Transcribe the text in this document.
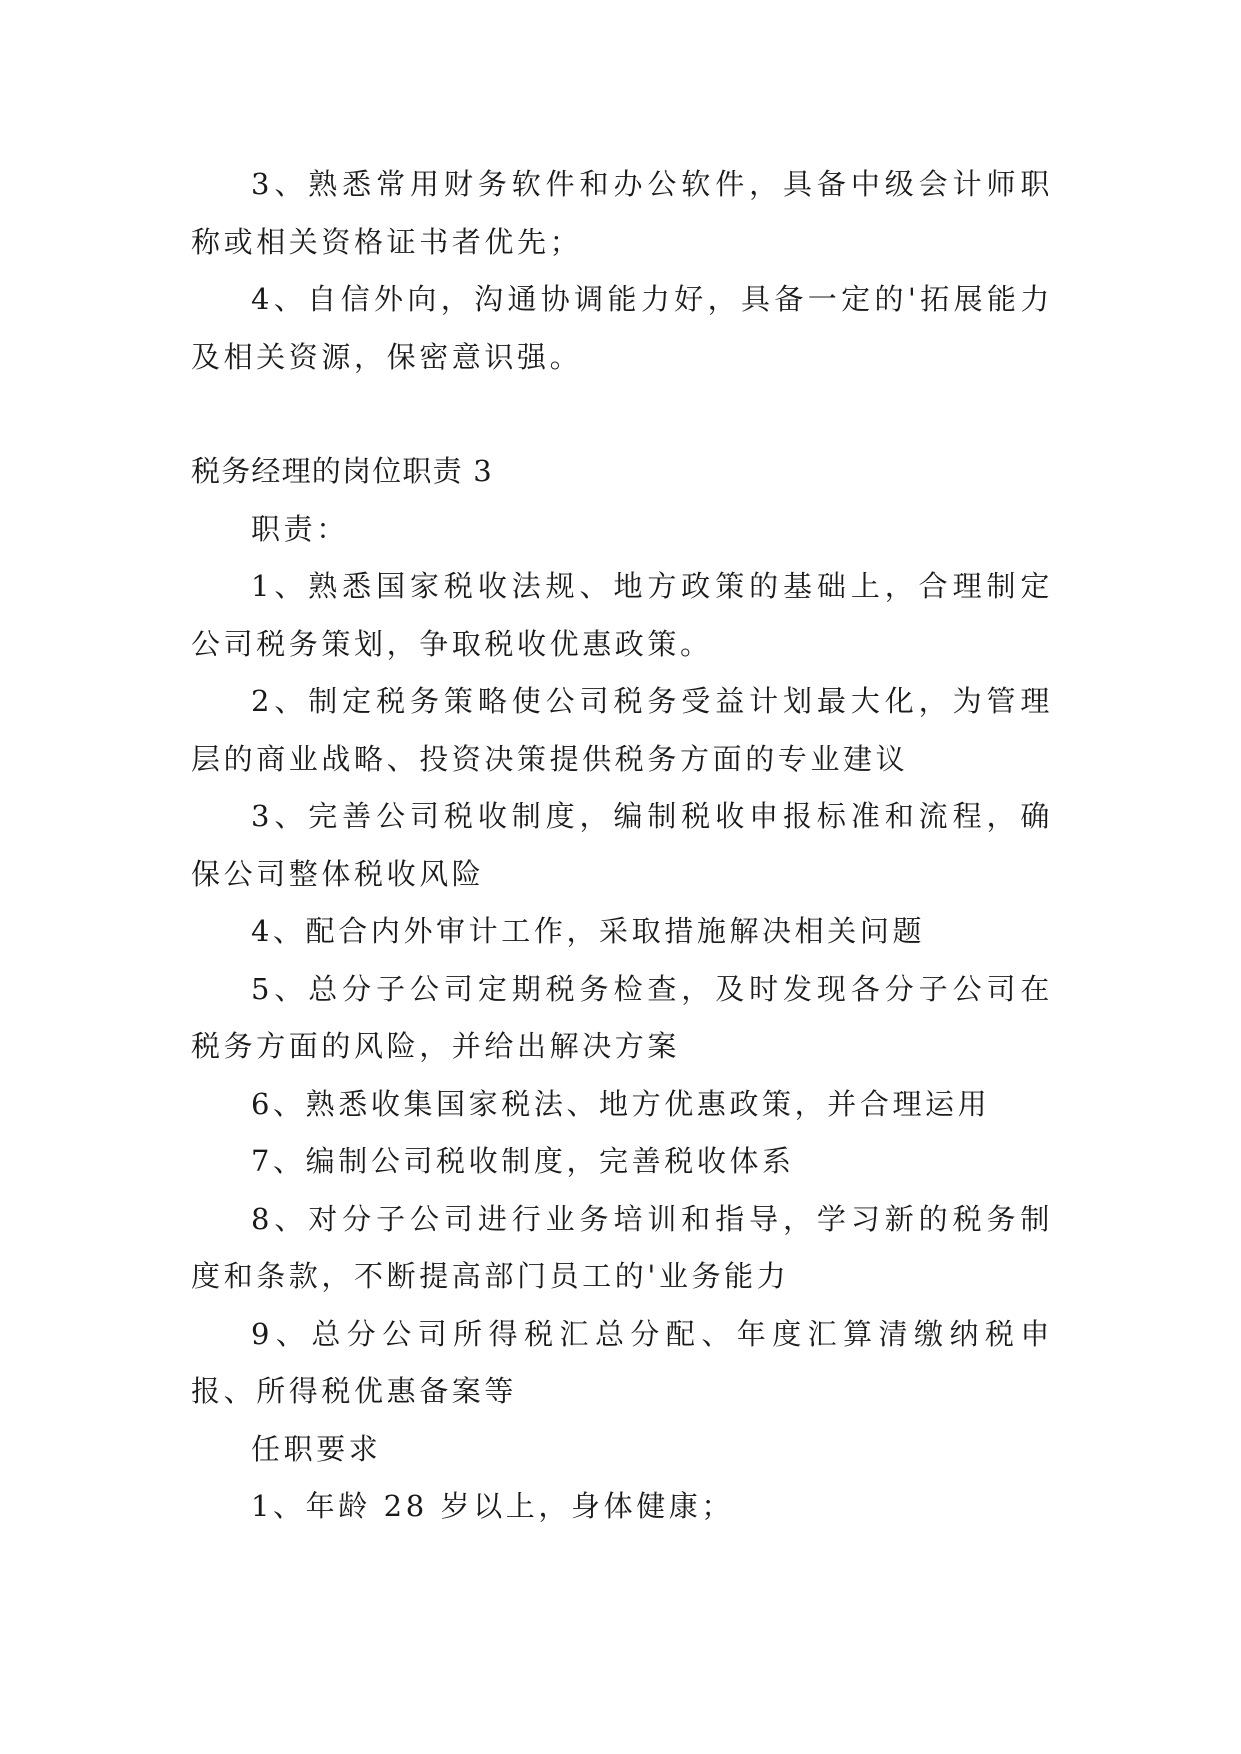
3、熟悉常用财务软件和办公软件，具备中级会计师职称或相关资格证书者优先；

4、自信外向，沟通协调能力好，具备一定的'拓展能力及相关资源，保密意识强。

税务经理的岗位职责 3

职责：

1、熟悉国家税收法规、地方政策的基础上，合理制定公司税务策划，争取税收优惠政策。

2、制定税务策略使公司税务受益计划最大化，为管理层的商业战略、投资决策提供税务方面的专业建议

3、完善公司税收制度，编制税收申报标准和流程，确保公司整体税收风险

4、配合内外审计工作，采取措施解决相关问题

5、总分子公司定期税务检查，及时发现各分子公司在税务方面的风险，并给出解决方案

6、熟悉收集国家税法、地方优惠政策，并合理运用

7、编制公司税收制度，完善税收体系

8、对分子公司进行业务培训和指导，学习新的税务制度和条款，不断提高部门员工的'业务能力

9、总分公司所得税汇总分配、年度汇算清缴纳税申报、所得税优惠备案等

任职要求

1、年龄 28 岁以上，身体健康；
